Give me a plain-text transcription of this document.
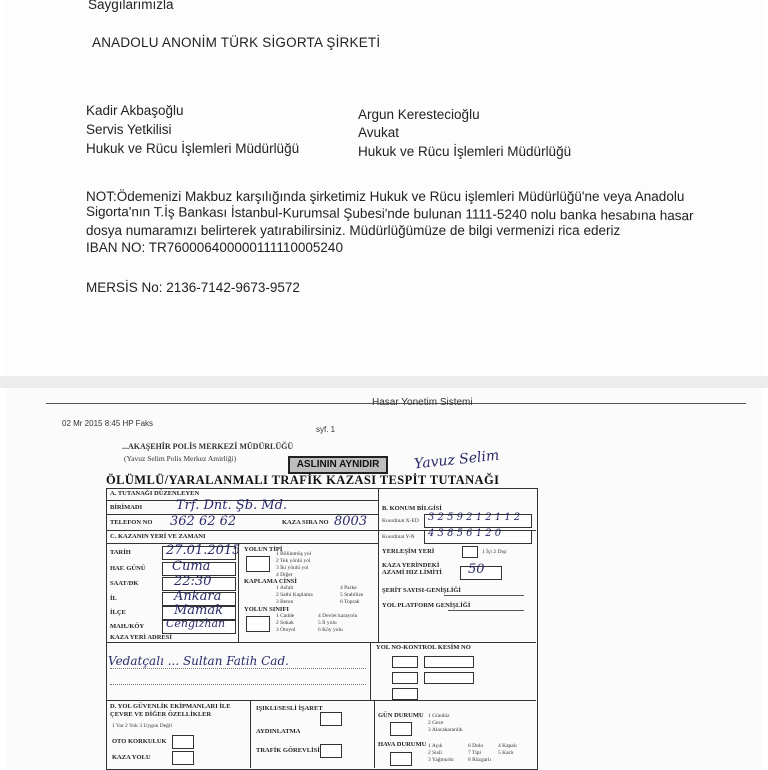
Saygılarımızla
ANADOLU ANONİM TÜRK SİGORTA ŞİRKETİ
Kadir Akbaşoğlu
Servis Yetkilisi
Hukuk ve Rücu İşlemleri Müdürlüğü
Argun Kerestecioğlu
Avukat
Hukuk ve Rücu İşlemleri Müdürlüğü
NOT:Ödemenizi Makbuz karşılığında şirketimiz Hukuk ve Rücu işlemleri Müdürlüğü'ne veya Anadolu
Sigorta'nın T.İş Bankası İstanbul-Kurumsal Şubesi'nde bulunan 1111-5240 nolu banka hesabına hasar
dosya numaramızı belirterek yatırabilirsiniz. Müdürlüğümüze de bilgi vermenizi rica ederiz
IBAN NO: TR760006400000111110005240
MERSİS No: 2136-7142-9673-9572
Hasar Yonetim Sistemi
02 Mr 2015 8:45 HP Faks
syf. 1
...AKAŞEHİR POLİS MERKEZİ MÜDÜRLÜĞÜ
(Yavuz Selim Polis Merkez Amirliği)
ASLININ AYNIDIR	Yavuz Selim
ÖLÜMLÜ/YARALANMALI TRAFİK KAZASI TESPİT TUTANAĞI
A. TUTANAĞI DÜZENLEYEN
BİRİMADI	Trf. Dnt. Şb. Md.
TELEFON NO 362 62 62	KAZA SIRA NO 8003
B. KONUM BİLGİSİ
Koordinat X-ED 3 2 5 9 2 1 2 1 1 2
Koordinat Y-N 4 3 8 5 6 1 2 0
C. KAZANIN YERİ VE ZAMANI
TARİH	27.01.2015
HAF. GÜNÜ Cuma
SAAT/DK	22:30
İL	Ankara
İLÇE	Mamak
MAH./KÖY Cengizhan
KAZA YERİ ADRESİ
YOLUN TİPİ
1 Bölünmüş yol
2 Tek yönlü yol
3 İki yönlü yol
4 Diğer
KAPLAMA CİNSİ
1 Asfalt
2 Sathi Kaplama
3 Beton
4 Parke
5 Stabilize
6 Toprak
YOLUN SINIFI
1 Cadde
2 Sokak
3 Otoyol
4 Devlet karayolu
5 İl yolu
6 Köy yolu
YERLEŞİM YERİ	1 İçi 2 Dışı
KAZA YERİNDEKİ AZAMİ HIZ LİMİTİ	50
ŞERİT SAYISI-GENİŞLİĞİ
YOL PLATFORM GENİŞLİĞİ
Vedatçalı ... Sultan Fatih Cad.
YOL NO-KONTROL KESİM NO
D. YOL GÜVENLİK EKİPMANLARI İLE ÇEVRE VE DİĞER ÖZELLİKLER
1 Var 2 Yok 3 Uygun Değil
OTO KORKULUK
KAZA YOLU
IŞIKLI/SESLİ İŞARET
AYDINLATMA
TRAFİK GÖREVLİSİ
GÜN DURUMU 1 Gündüz
2 Gece
3 Alacakaranlık
HAVA DURUMU 1 Açık
2 Sisli
3 Yağmurlu
6 Dolu
7 Tipi
8 Rüzgarlı
4 Kapalı
5 Karlı
